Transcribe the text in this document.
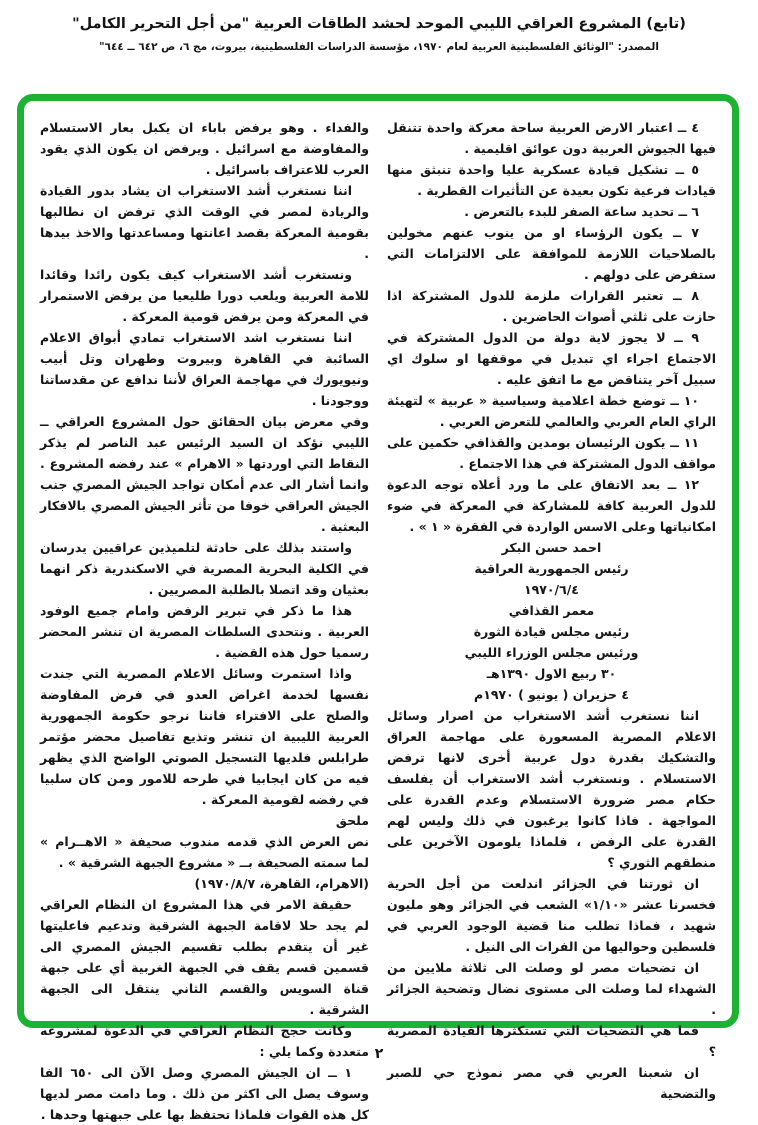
(تابع) المشروع العراقي الليبي الموحد لحشد الطاقات العربية "من أجل التحرير الكامل"
المصدر: "الوثائق الفلسطينية العربية لعام ١٩٧٠، مؤسسة الدراسات الفلسطينية، بيروت، مج ٦، ص ٦٤٢ ــ ٦٤٤"

٤ ــ اعتبار الارض العربية ساحة معركة واحدة تتنقل فيها الجيوش العربية دون عوائق اقليمية .

٥ ــ تشكيل قيادة عسكرية عليا واحدة تنبثق منها قيادات فرعية تكون بعيدة عن التأثيرات القطرية .

٦ ــ تحديد ساعة الصفر للبدء بالتعرض .

٧ ــ يكون الرؤساء او من ينوب عنهم مخولين بالصلاحيات اللازمة للموافقة على الالتزامات التي ستفرض على دولهم .

٨ ــ تعتبر القرارات ملزمة للدول المشتركة اذا حازت على ثلثي أصوات الحاضرين .

٩ ــ لا يجوز لاية دولة من الدول المشتركة في الاجتماع اجراء اي تبديل في موقفها او سلوك اي سبيل آخر يتناقض مع ما اتفق عليه .

١٠ ــ توضع خطة اعلامية وسياسية « عربية » لتهيئة الراي العام العربي والعالمي للتعرض العربي .

١١ ــ يكون الرئيسان بومدين والقذافي حكمين على مواقف الدول المشتركة في هذا الاجتماع .

١٢ ــ بعد الاتفاق على ما ورد أعلاه توجه الدعوة للدول العربية كافة للمشاركة في المعركة في ضوء امكانياتها وعلى الاسس الواردة في الفقرة « ١ » .

احمد حسن البكر

رئيس الجمهورية العراقية

١٩٧٠/٦/٤

معمر القذافي

رئيس مجلس قيادة الثورة

ورئيس مجلس الوزراء الليبي

٣٠ ربيع الاول ١٣٩٠هـ

٤ حزيران ( يونيو ) ١٩٧٠م

اننا نستغرب أشد الاستغراب من اصرار وسائل الاعلام المصرية المسعورة على مهاجمة العراق والتشكيك بقدرة دول عربية أخرى لانها ترفض الاستسلام . ونستغرب أشد الاستغراب أن يفلسف حكام مصر ضرورة الاستسلام وعدم القدرة على المواجهة . فاذا كانوا يرغبون في ذلك وليس لهم القدرة على الرفض ، فلماذا يلومون الآخرين على منطقهم الثوري ؟

ان ثورتنا في الجزائر اندلعت من أجل الحرية فخسرنا عشر «١/١٠» الشعب في الجزائر وهو مليون شهيد ، فماذا تطلب منا قضية الوجود العربي في فلسطين وحواليها من الفرات الى النيل .

ان تضحيات مصر لو وصلت الى ثلاثة ملايين من الشهداء لما وصلت الى مستوى نضال وتضحية الجزائر .

فما هي التضحيات التي تستكثرها القيادة المصرية ؟

ان شعبنا العربي في مصر نموذج حي للصبر والتضحية

والفداء . وهو يرفض باباء ان يكبل بعار الاستسلام والمفاوضة مع اسرائيل . ويرفض ان يكون الذي يقود العرب للاعتراف باسرائيل .

اننا نستغرب أشد الاستغراب ان يشاد بدور القيادة والريادة لمصر في الوقت الذي ترفض ان نطالبها بقومية المعركة بقصد اعانتها ومساعدتها والاخذ بيدها .

ونستغرب أشد الاستغراب كيف يكون رائدا وقائدا للامة العربية ويلعب دورا طليعيا من يرفض الاستمرار في المعركة ومن يرفض قومية المعركة .

اننا نستغرب اشد الاستغراب تمادي أبواق الاعلام السائبة في القاهرة وبيروت وطهران وتل أبيب ونيويورك في مهاجمة العراق لأننا ندافع عن مقدساتنا ووجودنا .

وفي معرض بيان الحقائق حول المشروع العراقي ــ الليبي نؤكد ان السيد الرئيس عبد الناصر لم يذكر النقاط التي اوردتها « الاهرام » عند رفضه المشروع . وانما أشار الى عدم أمكان تواجد الجيش المصري جنب الجيش العراقي خوفا من تأثر الجيش المصري بالافكار البعثية .

واستند بذلك على حادثة لتلميذين عراقيين يدرسان في الكلية البحرية المصرية في الاسكندرية ذكر انهما بعثيان وقد اتصلا بالطلبة المصريين .

هذا ما ذكر في تبرير الرفض وامام جميع الوفود العربية . ونتحدى السلطات المصرية ان تنشر المحضر رسميا حول هذه القضية .

واذا استمرت وسائل الاعلام المصرية التي جندت نفسها لخدمة اغراض العدو في فرض المفاوضة والصلح على الافتراء فاننا نرجو حكومة الجمهورية العربية الليبية ان تنشر وتذيع تفاصيل محضر مؤتمر طرابلس فلديها التسجيل الصوتي الواضح الذي يظهر فيه من كان ايجابيا في طرحه للامور ومن كان سلبيا في رفضه لقومية المعركة .

ملحق

نص العرض الذي قدمه مندوب صحيفة « الاهــرام » لما سمته الصحيفة بــ « مشروع الجبهة الشرقية » .

(الاهرام، القاهرة، ١٩٧٠/٨/٧)

حقيقة الامر في هذا المشروع ان النظام العراقي لم يجد حلا لاقامة الجبهة الشرقية وتدعيم فاعليتها غير أن يتقدم بطلب تقسيم الجيش المصري الى قسمين قسم يقف في الجبهة الغربية أي على جبهة قناة السويس والقسم الثاني ينتقل الى الجبهة الشرقية .

وكانت حجج النظام العراقي في الدعوة لمشروعه متعددة وكما يلي :

١ ــ ان الجيش المصري وصل الآن الى ٦٥٠ الفا وسوف يصل الى اكثر من ذلك . وما دامت مصر لديها كل هذه القوات فلماذا تحتفظ بها على جبهتها وحدها .

٢
